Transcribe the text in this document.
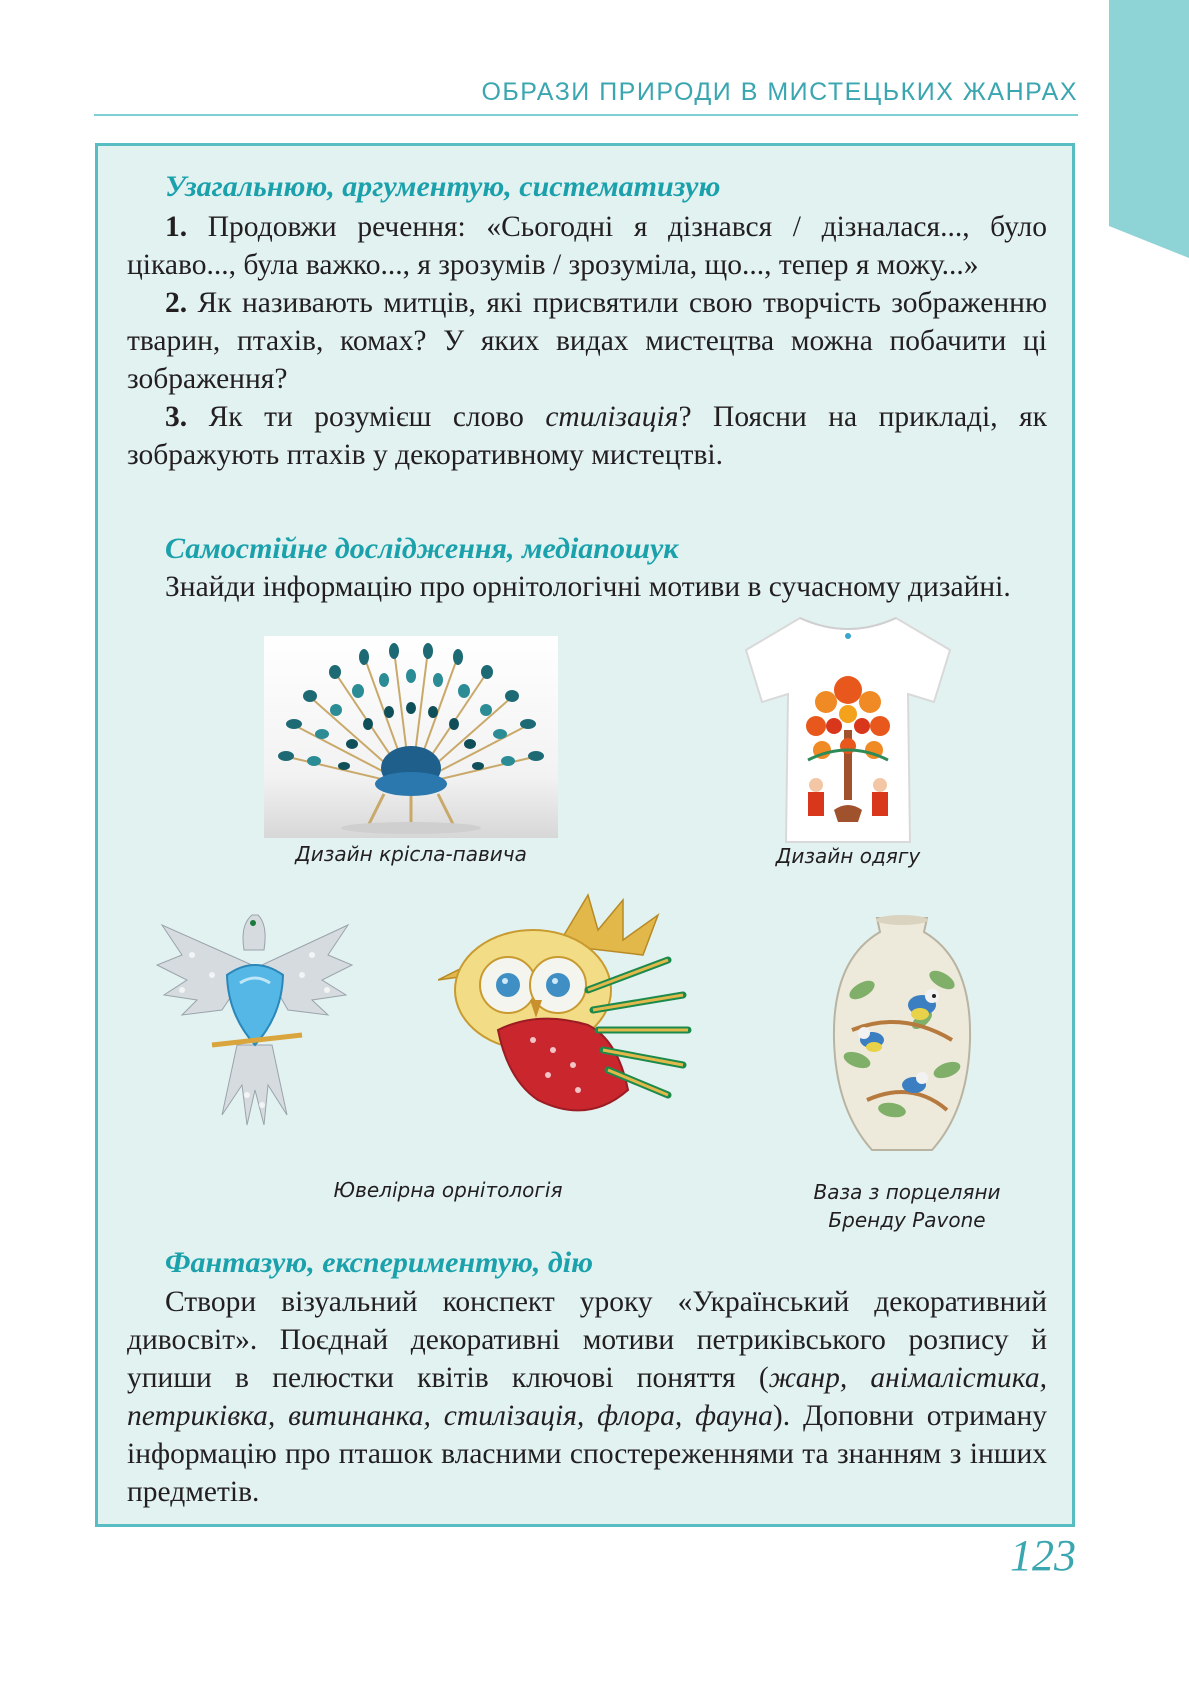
ОБРАЗИ ПРИРОДИ В МИСТЕЦЬКИХ ЖАНРАХ
Узагальнюю, аргументую, систематизую

1. Продовжи речення: «Сьогодні я дізнався / дізналася..., було цікаво..., була важко..., я зрозумів / зрозуміла, що..., тепер я можу...»

2. Як називають митців, які присвятили свою творчість зображенню тварин, птахів, комах? У яких видах мистецтва можна побачити ці зображення?

3. Як ти розумієш слово стилізація? Поясни на прикладі, як зображують птахів у декоративному мистецтві.

Самостійне дослідження, медіапошук

Знайди інформацію про орнітологічні мотиви в сучасному дизайні.

Дизайн крісла-павича	Дизайн одягу
Ювелірна орнітологія	Ваза з порцеляни
Бренду Pavone
Фантазую, експериментую, дію

Створи візуальний конспект уроку «Український декоративний дивосвіт». Поєднай декоративні мотиви петриківського розпису й упиши в пелюстки квітів ключові поняття (жанр, анімалістика, петриківка, витинанка, стилізація, флора, фауна). Доповни отриману інформацію про пташок власними спостереженнями та знанням з інших предметів.

123
